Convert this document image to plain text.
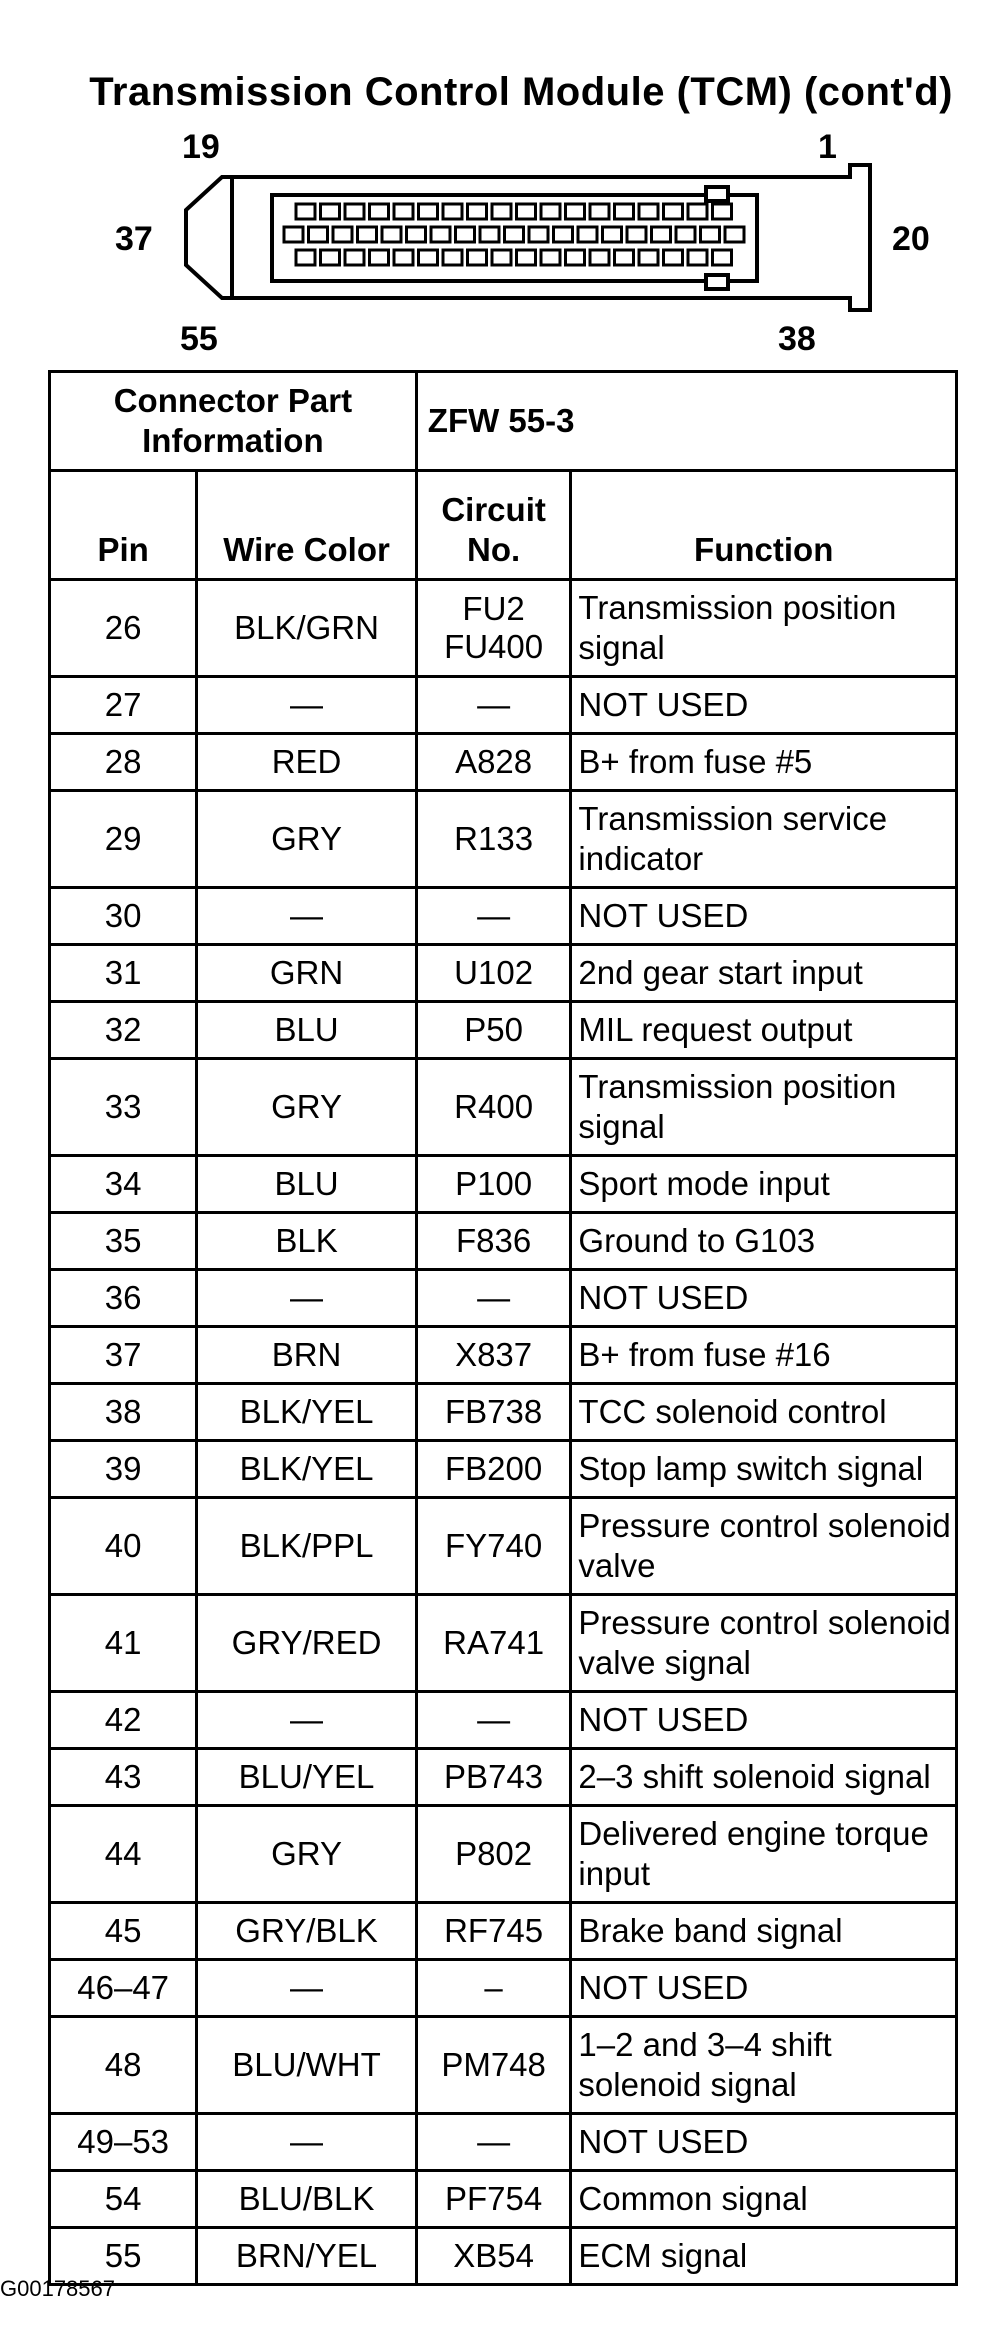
Transmission Control Module (TCM) (cont'd)
19	1
37	20
55	38
Connector Part Information		ZFW 55-3	
Pin	Wire Color	Circuit No.	Function
26	BLK/GRN	FU2 FU400	Transmission position signal
27	—	—	NOT USED
28	RED	A828	B+ from fuse #5
29	GRY	R133	Transmission service indicator
30	—	—	NOT USED
31	GRN	U102	2nd gear start input
32	BLU	P50	MIL request output
33	GRY	R400	Transmission position signal
34	BLU	P100	Sport mode input
35	BLK	F836	Ground to G103
36	—	—	NOT USED
37	BRN	X837	B+ from fuse #16
38	BLK/YEL	FB738	TCC solenoid control
39	BLK/YEL	FB200	Stop lamp switch signal
40	BLK/PPL	FY740	Pressure control solenoid valve
41	GRY/RED	RA741	Pressure control solenoid valve signal
42	—	—	NOT USED
43	BLU/YEL	PB743	2–3 shift solenoid signal
44	GRY	P802	Delivered engine torque input
45	GRY/BLK	RF745	Brake band signal
46–47	—	–	NOT USED
48	BLU/WHT	PM748	1–2 and 3–4 shift solenoid signal
49–53	—	—	NOT USED
54	BLU/BLK	PF754	Common signal
55	BRN/YEL	XB54	ECM signal
G00178567
